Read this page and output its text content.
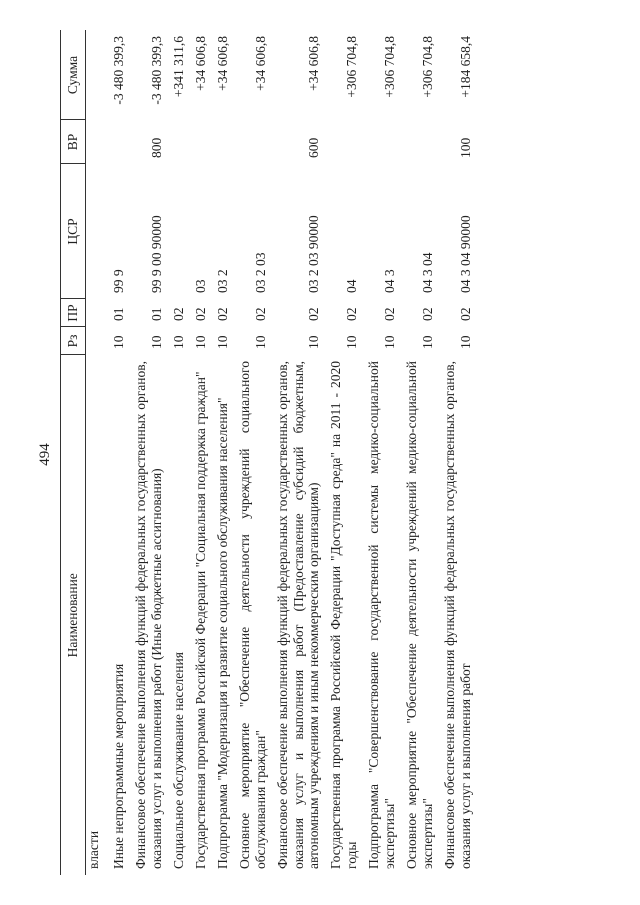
494
Наименование	Рз	ПР	ЦСР	ВР	Сумма
власти					
Иные непрограммные мероприятия	10	01	99 9		-3 480 399,3
Финансовое обеспечение выполнения функций федеральных государственных органов, оказания услуг и выполнения работ (Иные бюджетные ассигнования)	10	01	99 9 00 90000	800	-3 480 399,3
Социальное обслуживание населения	10	02			+341 311,6
Государственная программа Российской Федерации "Социальная поддержка граждан"	10	02	03		+34 606,8
Подпрограмма "Модернизация и развитие социального обслуживания населения"	10	02	03 2		+34 606,8
Основное мероприятие "Обеспечение деятельности учреждений социального обслуживания граждан"	10	02	03 2 03		+34 606,8
Финансовое обеспечение выполнения функций федеральных государственных органов, оказания услуг и выполнения работ (Предоставление субсидий бюджетным, автономным учреждениям и иным некоммерческим организациям)	10	02	03 2 03 90000	600	+34 606,8
Государственная программа Российской Федерации "Доступная среда" на 2011 - 2020 годы	10	02	04		+306 704,8
Подпрограмма "Совершенствование государственной системы медико-социальной экспертизы"	10	02	04 3		+306 704,8
Основное мероприятие "Обеспечение деятельности учреждений медико-социальной экспертизы"	10	02	04 3 04		+306 704,8
Финансовое обеспечение выполнения функций федеральных государственных органов, оказания услуг и выполнения работ	10	02	04 3 04 90000	100	+184 658,4
